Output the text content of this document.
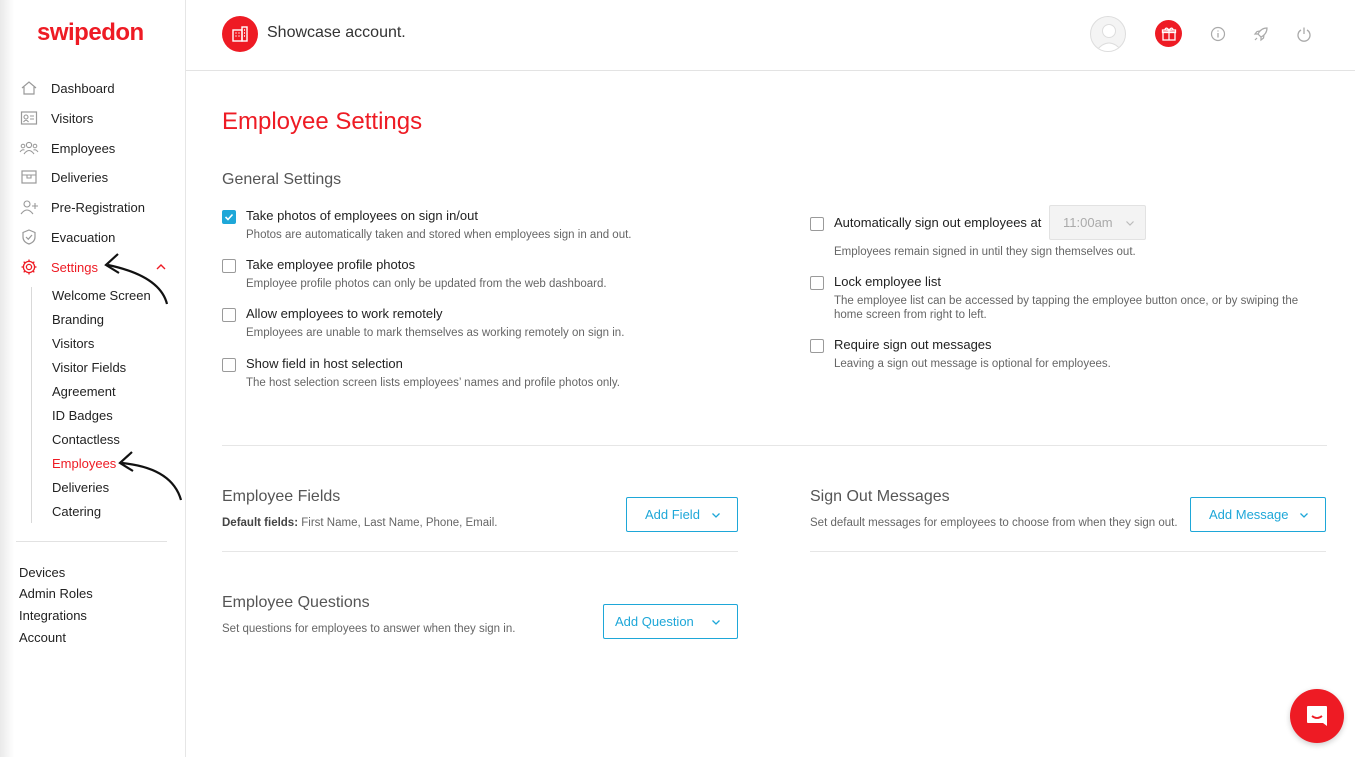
swipedon
Dashboard
Visitors
Employees
Deliveries
Pre-Registration
Evacuation
Settings
Welcome Screen
Branding
Visitors
Visitor Fields
Agreement
ID Badges
Contactless
Employees
Deliveries
Catering
Devices
Admin Roles
Integrations
Account
Showcase account.
Employee Settings
General Settings
Take photos of employees on sign in/out
Photos are automatically taken and stored when employees sign in and out.
Take employee profile photos
Employee profile photos can only be updated from the web dashboard.
Allow employees to work remotely
Employees are unable to mark themselves as working remotely on sign in.
Show field in host selection
The host selection screen lists employees’ names and profile photos only.
Automatically sign out employees at
Employees remain signed in until they sign themselves out.
11:00am
Lock employee list
The employee list can be accessed by tapping the employee button once, or by swiping the
home screen from right to left.
Require sign out messages
Leaving a sign out message is optional for employees.
Employee Fields
Default fields: First Name, Last Name, Phone, Email.
Add Field
Sign Out Messages
Set default messages for employees to choose from when they sign out.
Add Message
Employee Questions
Set questions for employees to answer when they sign in.	Add Question
